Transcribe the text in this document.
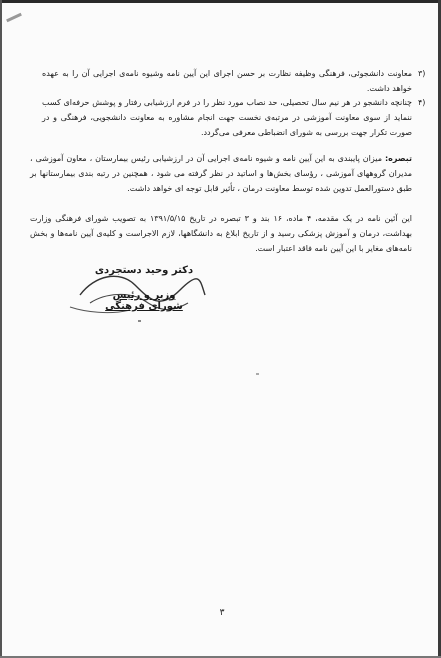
۳)
معاونت دانشجوئی، فرهنگی وظیفه نظارت بر حسن اجرای این آیین نامه وشیوه نامه‌ی اجرایی آن را به عهده خواهد داشت.
۴)
چنانچه دانشجو در هر نیم سال تحصیلی، حد نصاب مورد نظر را در فرم ارزشیابی رفتار و پوشش حرفه‌ای کسب ننماید از سوی معاونت آموزشی در مرتبه‌ی نخست جهت انجام مشاوره به معاونت دانشجویی، فرهنگی و در صورت تکرار جهت بررسی به شورای انضباطی معرفی می‌گردد.
تبصره: میزان پایبندی به این آیین نامه و شیوه نامه‌ی اجرایی آن در ارزشیابی رئیس بیمارستان ، معاون آموزشی ، مدیران گروههای آموزشی ، رؤسای بخش‌ها و اساتید در نظر گرفته می شود ، همچنین در رتبه بندی بیمارستانها بر طبق دستورالعمل تدوین شده توسط معاونت درمان ، تأثیر قابل توجه ای خواهد داشت.
این آئین نامه در یک مقدمه، ۴ ماده، ۱۶ بند و ۳ تبصره در تاریخ ۱۳۹۱/۵/۱۵ به تصویب شورای فرهنگی وزارت بهداشت، درمان و آموزش پزشکی رسید و از تاریخ ابلاغ به دانشگاهها، لازم الاجراست و کلیه‌ی آیین نامه‌ها و بخش نامه‌های مغایر با این آیین نامه فاقد اعتبار است.
دکتر وحید دستجردی
وزیر و رئیس شورای فرهنگی
۳
